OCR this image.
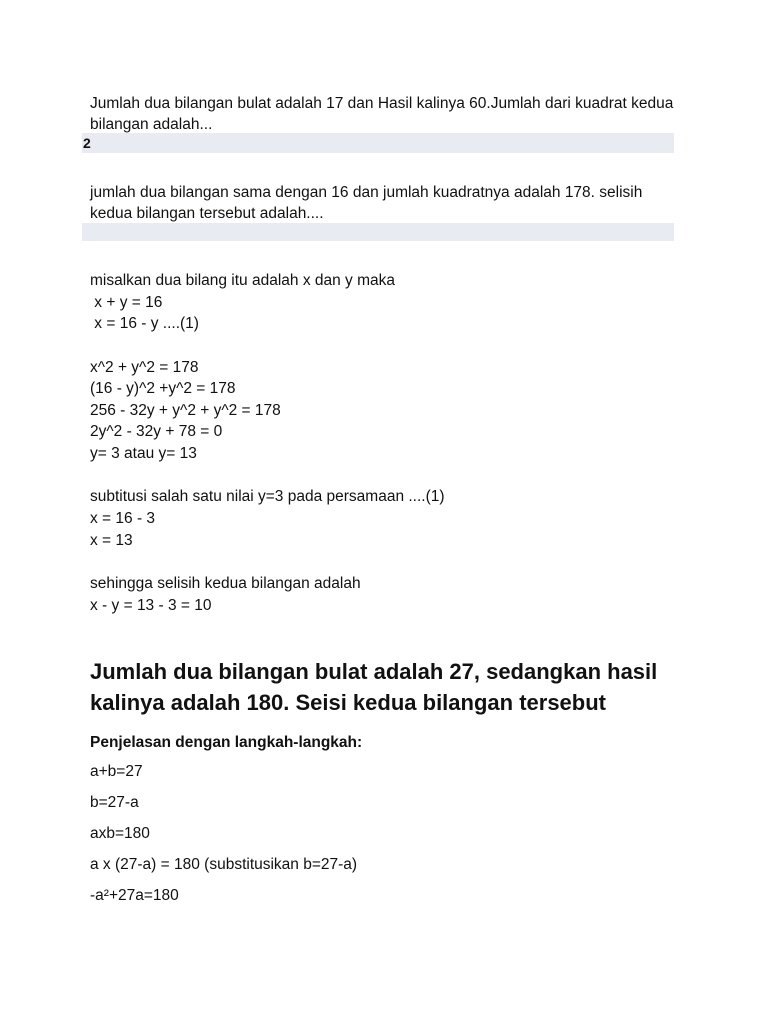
Jumlah dua bilangan bulat adalah 17 dan Hasil kalinya 60.Jumlah dari kuadrat kedua bilangan adalah...
2
jumlah dua bilangan sama dengan 16 dan jumlah kuadratnya adalah 178. selisih kedua bilangan tersebut adalah....
misalkan dua bilang itu adalah x dan y maka
x + y = 16
x = 16 - y ....(1)
x^2 + y^2 = 178
(16 - y)^2 +y^2 = 178
256 - 32y + y^2 + y^2 = 178
2y^2 - 32y + 78 = 0
y= 3 atau y= 13
subtitusi salah satu nilai y=3 pada persamaan ....(1)
x = 16 - 3
x = 13
sehingga selisih kedua bilangan adalah
x - y = 13 - 3 = 10
Jumlah dua bilangan bulat adalah 27, sedangkan hasil kalinya adalah 180. Seisi kedua bilangan tersebut
Penjelasan dengan langkah-langkah:
a+b=27
b=27-a
axb=180
a x (27-a) = 180 (substitusikan b=27-a)
-a²+27a=180
